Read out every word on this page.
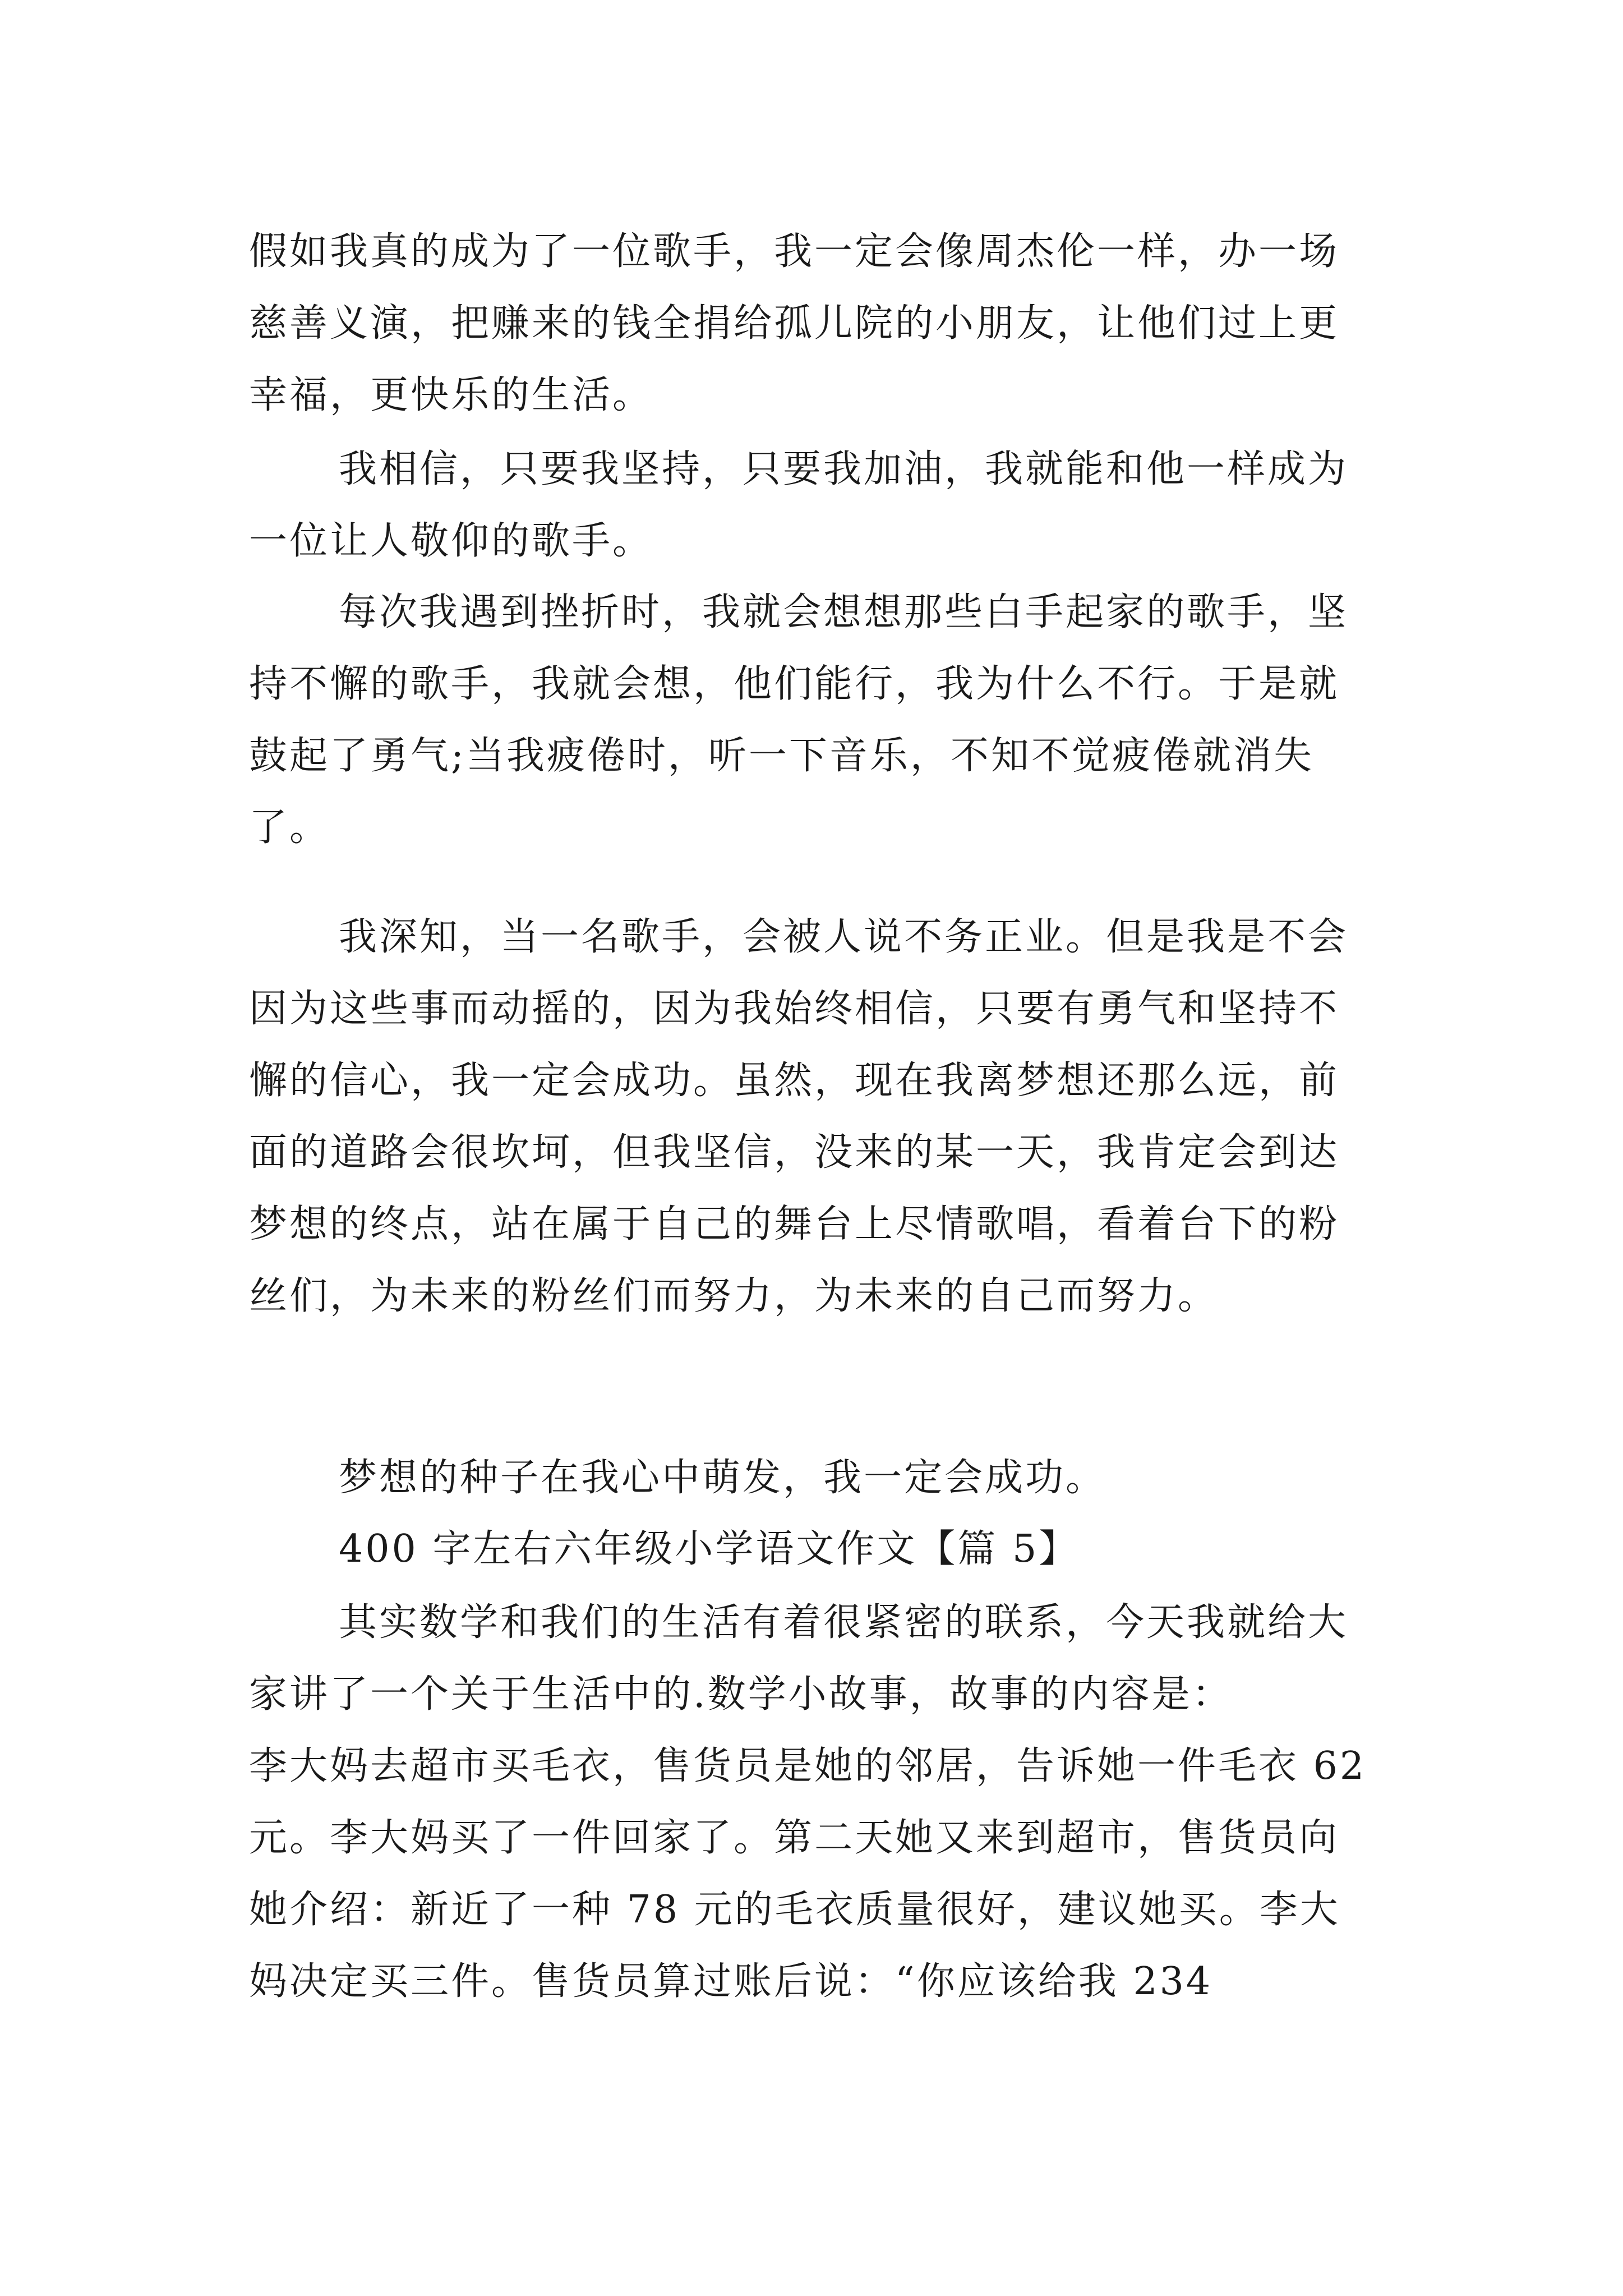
假如我真的成为了一位歌手，我一定会像周杰伦一样，办一场慈善义演，把赚来的钱全捐给孤儿院的小朋友，让他们过上更幸福，更快乐的生活。

我相信，只要我坚持，只要我加油，我就能和他一样成为一位让人敬仰的歌手。

每次我遇到挫折时，我就会想想那些白手起家的歌手，坚持不懈的歌手，我就会想，他们能行，我为什么不行。于是就鼓起了勇气;当我疲倦时，听一下音乐，不知不觉疲倦就消失了。

我深知，当一名歌手，会被人说不务正业。但是我是不会因为这些事而动摇的，因为我始终相信，只要有勇气和坚持不懈的信心，我一定会成功。虽然，现在我离梦想还那么远，前面的道路会很坎坷，但我坚信，没来的某一天，我肯定会到达梦想的终点，站在属于自己的舞台上尽情歌唱，看着台下的粉丝们，为未来的粉丝们而努力，为未来的自己而努力。

梦想的种子在我心中萌发，我一定会成功。

400 字左右六年级小学语文作文【篇 5】

其实数学和我们的生活有着很紧密的联系，今天我就给大家讲了一个关于生活中的.数学小故事，故事的内容是：

李大妈去超市买毛衣，售货员是她的邻居，告诉她一件毛衣 62 元。李大妈买了一件回家了。第二天她又来到超市，售货员向她介绍：新近了一种 78 元的毛衣质量很好，建议她买。李大妈决定买三件。售货员算过账后说：“你应该给我 234
